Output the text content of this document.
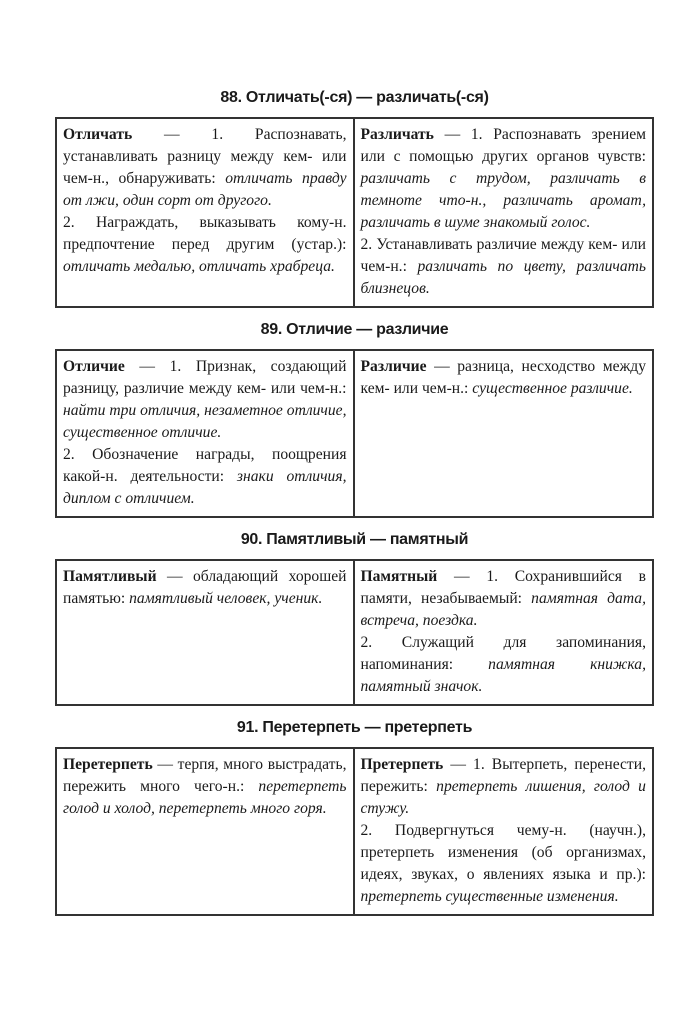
88. Отличать(-ся) — различать(-ся)

Отличать — 1. Распознавать, устанавливать разницу между кем- или чем-н., обнаруживать: отличать правду от лжи, один сорт от другого.

2. Награждать, выказывать кому-н. предпочтение перед другим (устар.): отличать медалью, отличать храбреца.

Различать — 1. Распознавать зрением или с помощью других органов чувств: различать с трудом, различать в темноте что-н., различать аромат, различать в шуме знакомый голос.

2. Устанавливать различие между кем- или чем-н.: различать по цвету, различать близнецов.

89. Отличие — различие

Отличие — 1. Признак, создающий разницу, различие между кем- или чем-н.: найти три отличия, незаметное отличие, существенное отличие.

2. Обозначение награды, поощрения какой-н. деятельности: знаки отличия, диплом с отличием.

Различие — разница, несходство между кем- или чем-н.: существенное различие.

90. Памятливый — памятный

Памятливый — обладающий хорошей памятью: памятливый человек, ученик.

Памятный — 1. Сохранившийся в памяти, незабываемый: памятная дата, встреча, поездка.

2. Служащий для запоминания, напоминания: памятная книжка, памятный значок.

91. Перетерпеть — претерпеть

Перетерпеть — терпя, много выстрадать, пережить много чего-н.: перетерпеть голод и холод, перетерпеть много горя.

Претерпеть — 1. Вытерпеть, перенести, пережить: претерпеть лишения, голод и стужу.

2. Подвергнуться чему-н. (научн.), претерпеть изменения (об организмах, идеях, звуках, о явлениях языка и пр.): претерпеть существенные изменения.
